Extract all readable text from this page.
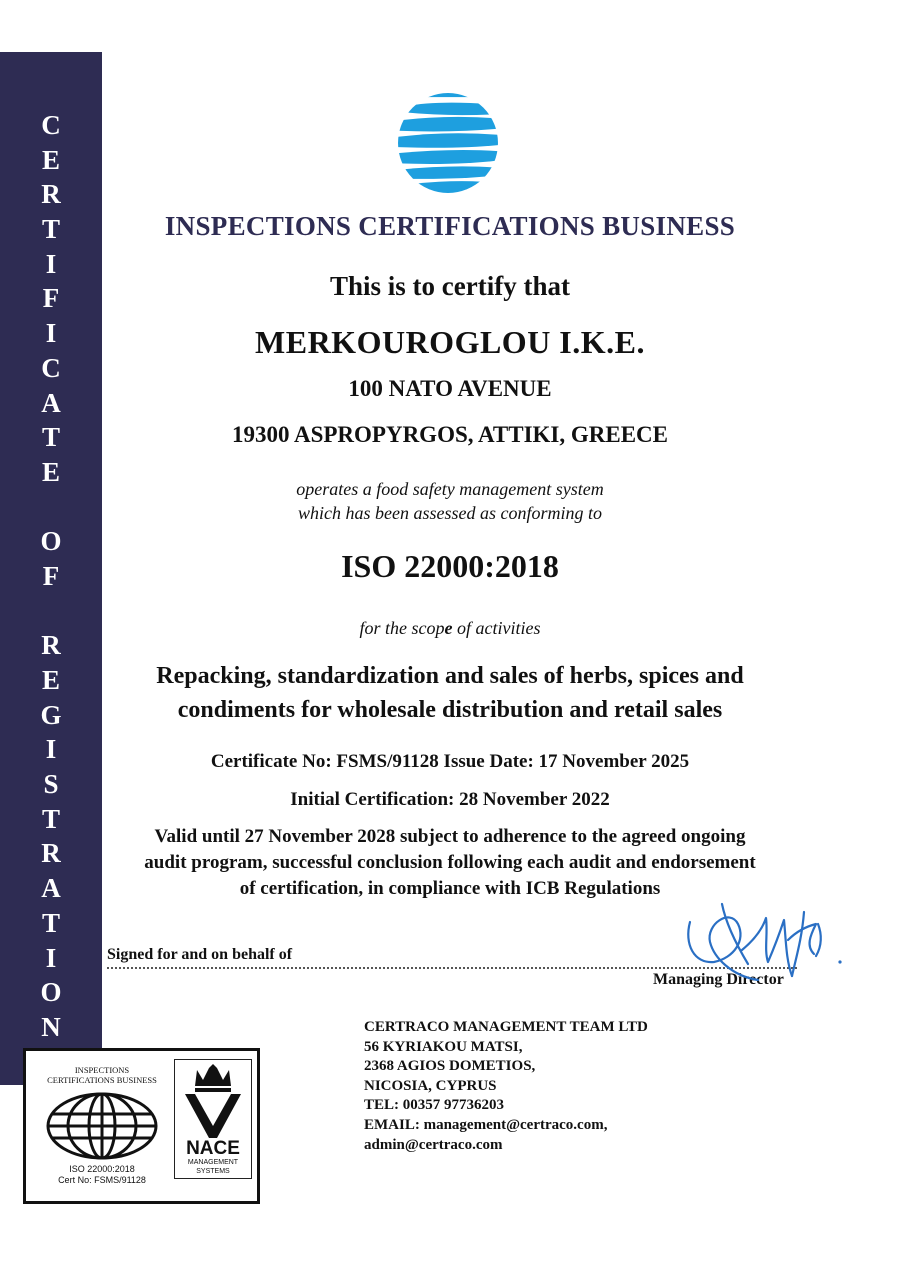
C
E
R
T
I
F
I
C
A
T
E
O
F
R
E
G
I
S
T
R
A
T
I
O
N
INSPECTIONS CERTIFICATIONS BUSINESS
This is to certify that
MERKOUROGLOU I.K.E.
100 NATO AVENUE
19300 ASPROPYRGOS, ATTIKI, GREECE
operates a food safety management system
which has been assessed as conforming to
ISO 22000:2018
for the scope of activities
Repacking, standardization and sales of herbs, spices and
condiments for wholesale distribution and retail sales
Certificate No: FSMS/91128 Issue Date: 17 November 2025
Initial Certification: 28 November 2022
Valid until 27 November 2028 subject to adherence to the agreed ongoing
audit program, successful conclusion following each audit and endorsement
of certification, in compliance with ICB Regulations
Signed for and on behalf of
Managing Director
CERTRACO MANAGEMENT TEAM LTD
56 KYRIAKOU MATSI,
2368 AGIOS DOMETIOS,
NICOSIA, CYPRUS
TEL: 00357 97736203
EMAIL: management@certraco.com,
admin@certraco.com
INSPECTIONS
CERTIFICATIONS BUSINESS
ISO 22000:2018
Cert No: FSMS/91128
NACE
MANAGEMENT
SYSTEMS
